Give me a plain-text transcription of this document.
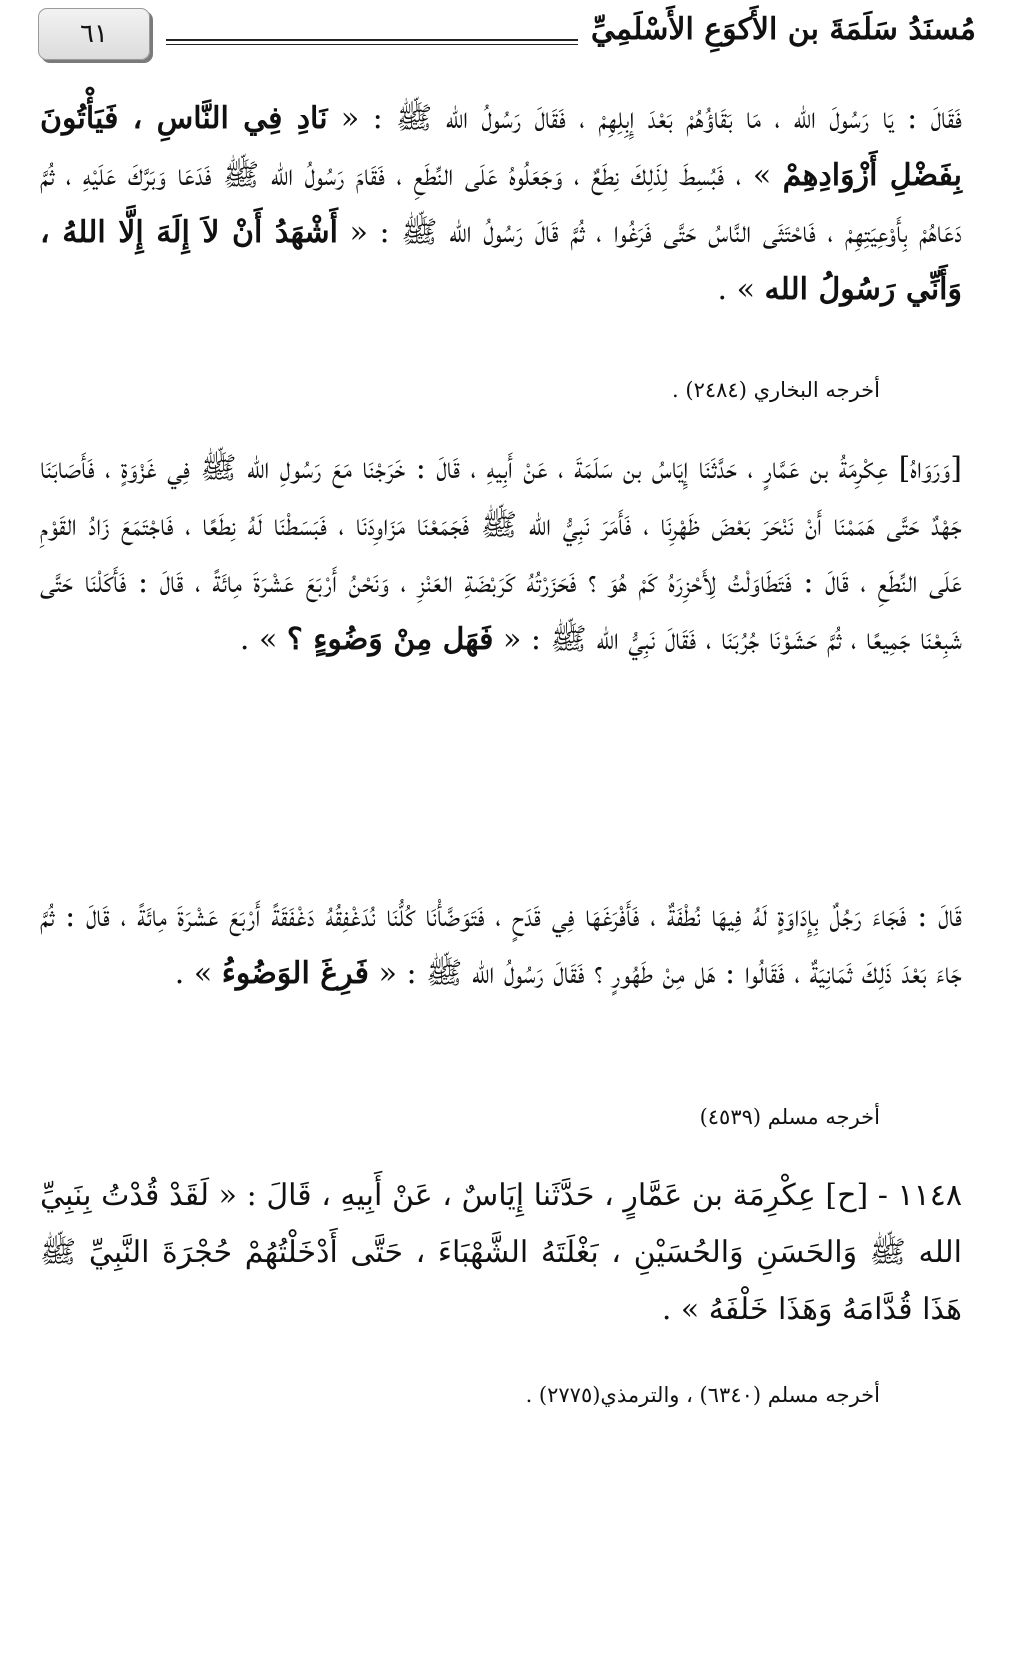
مُسنَدُ سَلَمَةَ بن الأَكوَعِ الأَسْلَمِيِّ
٦١

فَقَالَ : يَا رَسُولَ الله ، مَا بَقَاؤُهُمْ بَعْدَ إِبِلِهِمْ ، فَقَالَ رَسُولُ الله ﷺ : « نَادِ فِي النَّاسِ ، فَيَأْتُونَ بِفَضْلِ أَزْوَادِهِمْ » ، فَبُسِطَ لِذَلِكَ نِطَعٌ ، وَجَعَلُوهُ عَلَى النِّطَعِ ، فَقَامَ رَسُولُ الله ﷺ فَدَعَا وَبَرَّكَ عَلَيْهِ ، ثُمَّ دَعَاهُمْ بِأَوْعِيَتِهِمْ ، فَاحْتَثَى النَّاسُ حَتَّى فَرَغُوا ، ثُمَّ قَالَ رَسُولُ الله ﷺ : « أَشْهَدُ أَنْ لاَ إِلَهَ إِلَّا اللهُ ، وَأَنِّي رَسُولُ الله » .

أخرجه البخاري (٢٤٨٤) .

[وَرَوَاهُ] عِكْرِمَةُ بن عَمَّارٍ ، حَدَّثَنَا إِيَاسُ بن سَلَمَةَ ، عَنْ أَبِيهِ ، قَالَ : خَرَجْنَا مَعَ رَسُولِ الله ﷺ فِي غَزْوَةٍ ، فَأَصَابَنَا جَهْدٌ حَتَّى هَمَمْنَا أَنْ نَنْحَرَ بَعْضَ ظَهْرِنَا ، فَأَمَرَ نَبِيُّ الله ﷺ فَجَمَعْنَا مَزَاوِدَنَا ، فَبَسَطْنَا لَهُ نِطَعًا ، فَاجْتَمَعَ زَادُ القَوْمِ عَلَى النِّطَعِ ، قَالَ : فَتَطَاوَلْتُ لِأَحْزِرَهُ كَمْ هُوَ ؟ فَحَزَرْتُهُ كَرَبْضَةِ العَنْزِ ، وَنَحْنُ أَرْبَعَ عَشْرَةَ مِائَةً ، قَالَ : فَأَكَلْنَا حَتَّى شَبِعْنَا جَمِيعًا ، ثُمَّ حَشَوْنَا جُرُبَنَا ، فَقَالَ نَبِيُّ الله ﷺ : « فَهَل مِنْ وَضُوءٍ ؟ » .

قَالَ : فَجَاءَ رَجُلٌ بِإِدَاوَةٍ لَهُ فِيهَا نُطْفَةٌ ، فَأَفْرَغَهَا فِي قَدَحٍ ، فَتَوَضَّأْنَا كُلُّنَا نُدَغْفِقُهُ دَغْفَقَةً أَرْبَعَ عَشْرَةَ مِائَةً ، قَالَ : ثُمَّ جَاءَ بَعْدَ ذَلِكَ ثَمَانِيَةٌ ، فَقَالُوا : هَل مِنْ طَهُورٍ ؟ فَقَالَ رَسُولُ الله ﷺ : « فَرِغَ الوَضُوءُ » .

أخرجه مسلم (٤٥٣٩)

١١٤٨ - [ح] عِكْرِمَة بن عَمَّارٍ ، حَدَّثَنا إِيَاسٌ ، عَنْ أَبِيهِ ، قَالَ : « لَقَدْ قُدْتُ بِنَبِيِّ الله ﷺ وَالحَسَنِ وَالحُسَيْنِ ، بَغْلَتَهُ الشَّهْبَاءَ ، حَتَّى أَدْخَلْتُهُمْ حُجْرَةَ النَّبِيِّ ﷺ هَذَا قُدَّامَهُ وَهَذَا خَلْفَهُ » .

أخرجه مسلم (٦٣٤٠) ، والترمذي(٢٧٧٥) .
